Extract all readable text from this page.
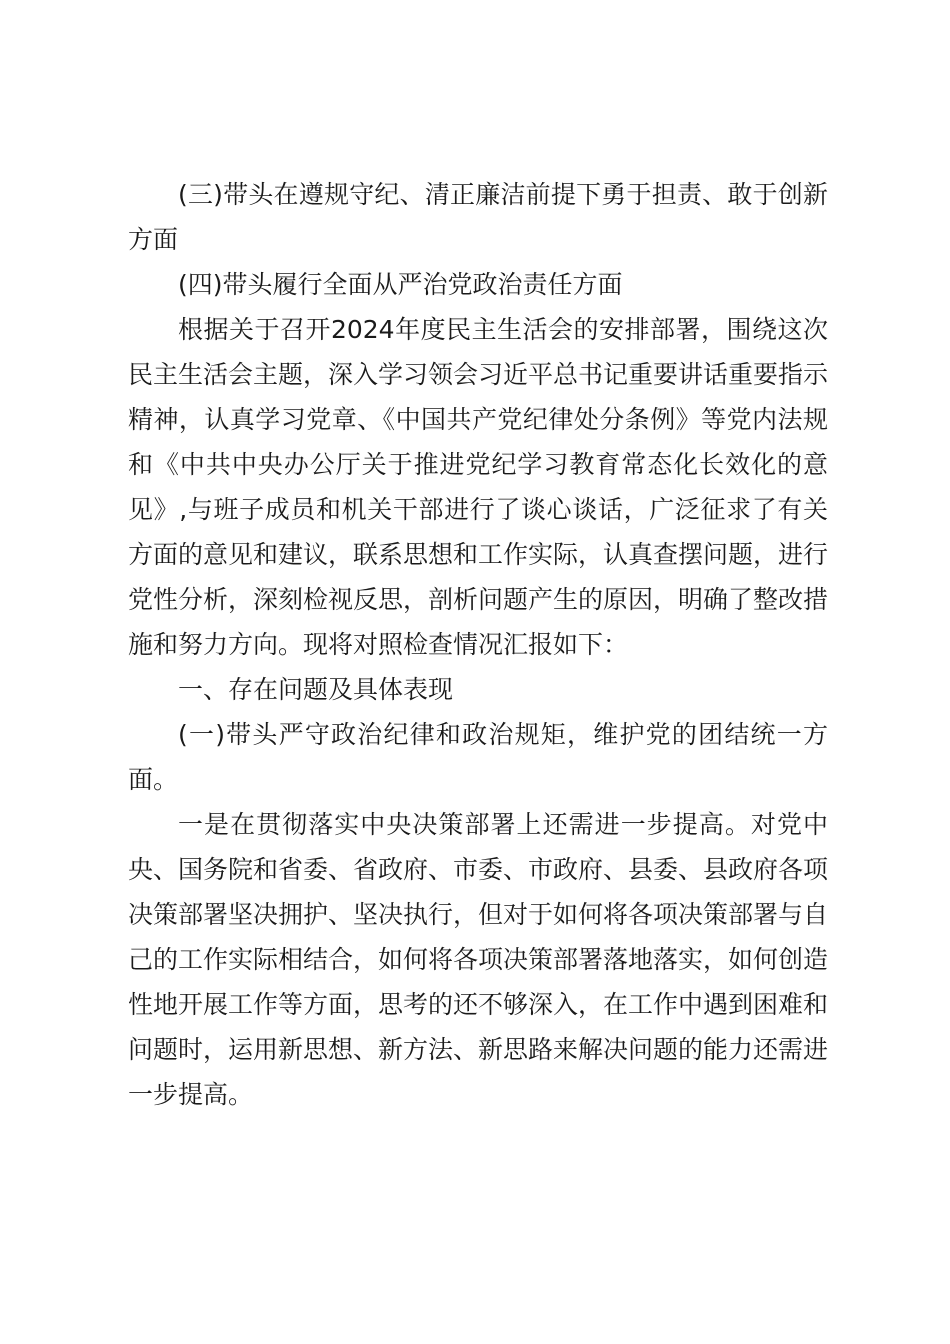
(三)带头在遵规守纪、清正廉洁前提下勇于担责、敢于创新方面

(四)带头履行全面从严治党政治责任方面

根据关于召开2024年度民主生活会的安排部署，围绕这次民主生活会主题，深入学习领会习近平总书记重要讲话重要指示精神，认真学习党章、《中国共产党纪律处分条例》等党内法规和《中共中央办公厅关于推进党纪学习教育常态化长效化的意见》,与班子成员和机关干部进行了谈心谈话，广泛征求了有关方面的意见和建议，联系思想和工作实际，认真查摆问题，进行党性分析，深刻检视反思，剖析问题产生的原因，明确了整改措施和努力方向。现将对照检查情况汇报如下：

一、存在问题及具体表现

(一)带头严守政治纪律和政治规矩，维护党的团结统一方面。

一是在贯彻落实中央决策部署上还需进一步提高。对党中央、国务院和省委、省政府、市委、市政府、县委、县政府各项决策部署坚决拥护、坚决执行，但对于如何将各项决策部署与自己的工作实际相结合，如何将各项决策部署落地落实，如何创造性地开展工作等方面，思考的还不够深入，在工作中遇到困难和问题时，运用新思想、新方法、新思路来解决问题的能力还需进一步提高。
